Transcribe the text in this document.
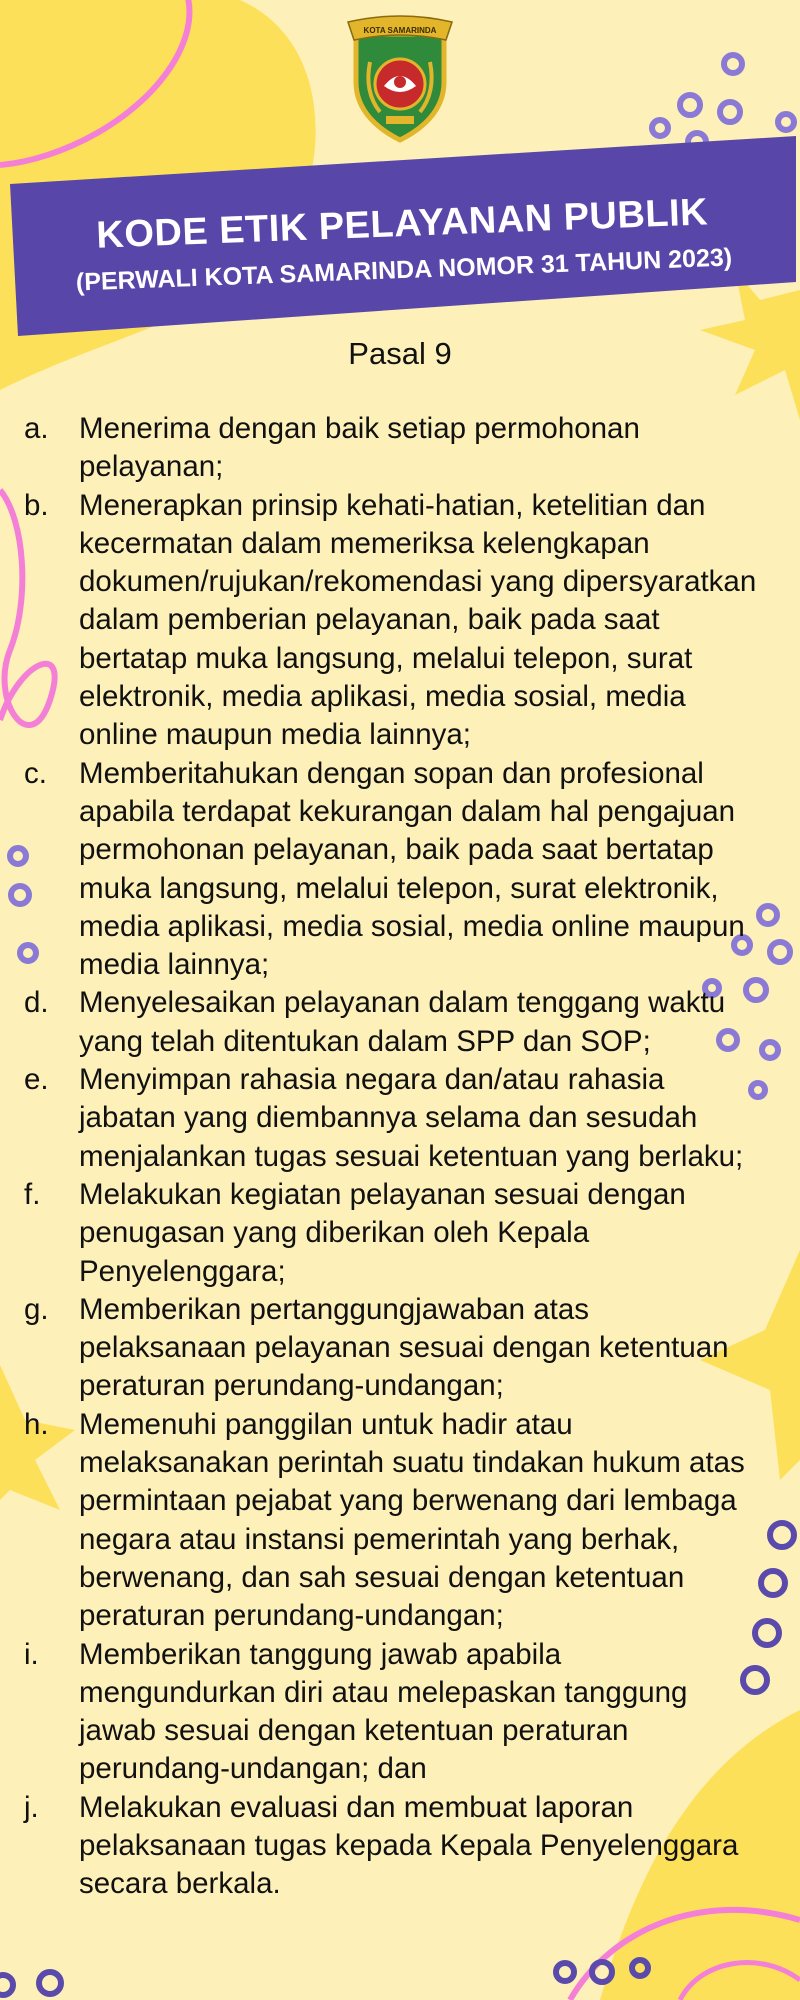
KOTA SAMARINDA
KODE ETIK PELAYANAN PUBLIK
(PERWALI KOTA SAMARINDA NOMOR 31 TAHUN 2023)
Pasal 9
a.	Menerima dengan baik setiap permohonan pelayanan;
b.	Menerapkan prinsip kehati-hatian, ketelitian dan kecermatan dalam memeriksa kelengkapan dokumen/rujukan/rekomendasi yang dipersyaratkan dalam pemberian pelayanan, baik pada saat bertatap muka langsung, melalui telepon, surat elektronik, media aplikasi, media sosial, media online maupun media lainnya;
c.	Memberitahukan dengan sopan dan profesional apabila terdapat kekurangan dalam hal pengajuan permohonan pelayanan, baik pada saat bertatap muka langsung, melalui telepon, surat elektronik, media aplikasi, media sosial, media online maupun media lainnya;
d.	Menyelesaikan pelayanan dalam tenggang waktu yang telah ditentukan dalam SPP dan SOP;
e.	Menyimpan rahasia negara dan/atau rahasia jabatan yang diembannya selama dan sesudah menjalankan tugas sesuai ketentuan yang berlaku;
f.	Melakukan kegiatan pelayanan sesuai dengan penugasan yang diberikan oleh Kepala Penyelenggara;
g.	Memberikan pertanggungjawaban atas pelaksanaan pelayanan sesuai dengan ketentuan peraturan perundang-undangan;
h.	Memenuhi panggilan untuk hadir atau melaksanakan perintah suatu tindakan hukum atas permintaan pejabat yang berwenang dari lembaga negara atau instansi pemerintah yang berhak, berwenang, dan sah sesuai dengan ketentuan peraturan perundang-undangan;
i.	Memberikan tanggung jawab apabila mengundurkan diri atau melepaskan tanggung jawab sesuai dengan ketentuan peraturan perundang-undangan; dan
j.	Melakukan evaluasi dan membuat laporan pelaksanaan tugas kepada Kepala Penyelenggara secara berkala.
